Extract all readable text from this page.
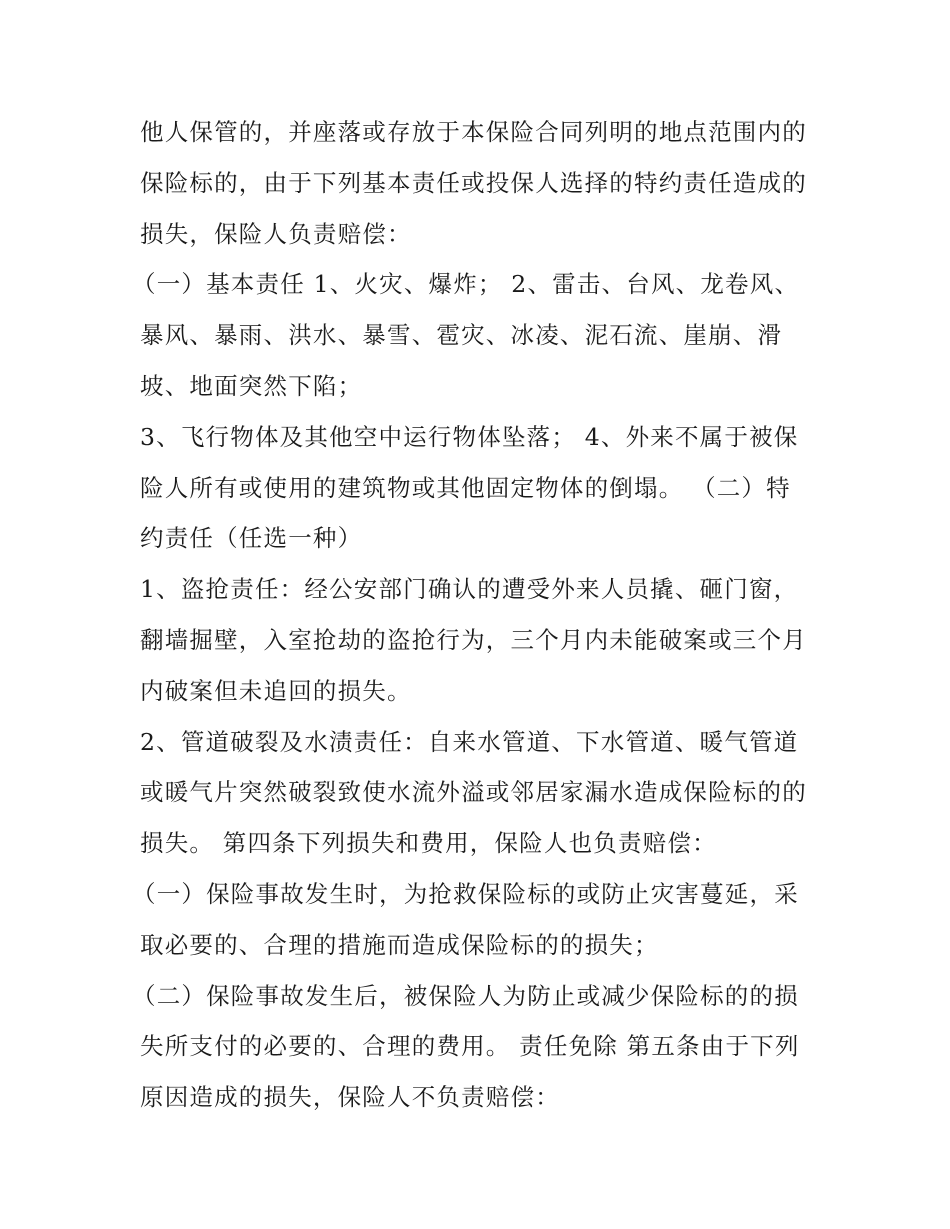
他人保管的，并座落或存放于本保险合同列明的地点范围内的
保险标的，由于下列基本责任或投保人选择的特约责任造成的
损失，保险人负责赔偿：
（一）基本责任 1、火灾、爆炸； 2、雷击、台风、龙卷风、
暴风、暴雨、洪水、暴雪、雹灾、冰凌、泥石流、崖崩、滑
坡、地面突然下陷；
3、飞行物体及其他空中运行物体坠落； 4、外来不属于被保
险人所有或使用的建筑物或其他固定物体的倒塌。 （二）特
约责任（任选一种）
1、盗抢责任：经公安部门确认的遭受外来人员撬、砸门窗，
翻墙掘壁，入室抢劫的盗抢行为，三个月内未能破案或三个月
内破案但未追回的损失。
2、管道破裂及水渍责任：自来水管道、下水管道、暖气管道
或暖气片突然破裂致使水流外溢或邻居家漏水造成保险标的的
损失。 第四条下列损失和费用，保险人也负责赔偿：
（一）保险事故发生时，为抢救保险标的或防止灾害蔓延，采
取必要的、合理的措施而造成保险标的的损失；
（二）保险事故发生后，被保险人为防止或减少保险标的的损
失所支付的必要的、合理的费用。 责任免除 第五条由于下列
原因造成的损失，保险人不负责赔偿：
